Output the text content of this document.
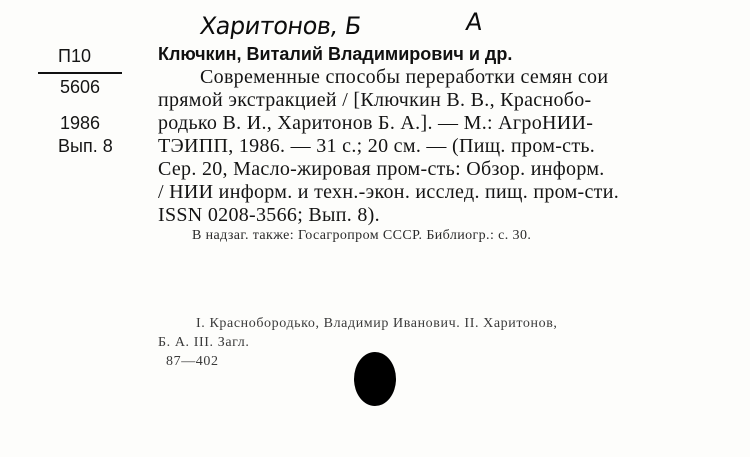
Харитонов, Б	А
П10
5606
1986
Вып. 8
Ключкин, Виталий Владимирович и др.
Современные способы переработки семян сои
прямой экстракцией / [Ключкин В. В., Краснобо-
родько В. И., Харитонов Б. А.]. — М.: АгроНИИ-
ТЭИПП, 1986. — 31 с.; 20 см. — (Пищ. пром-сть.
Сер. 20, Масло-жировая пром-сть: Обзор. информ.
/ НИИ информ. и техн.-экон. исслед. пищ. пром-сти.
ISSN 0208-3566; Вып. 8).
В надзаг. также: Госагропром СССР. Библиогр.: с. 30.
I. Краснобородько, Владимир Иванович. II. Харитонов,
Б. А. III. Загл.
87—402
